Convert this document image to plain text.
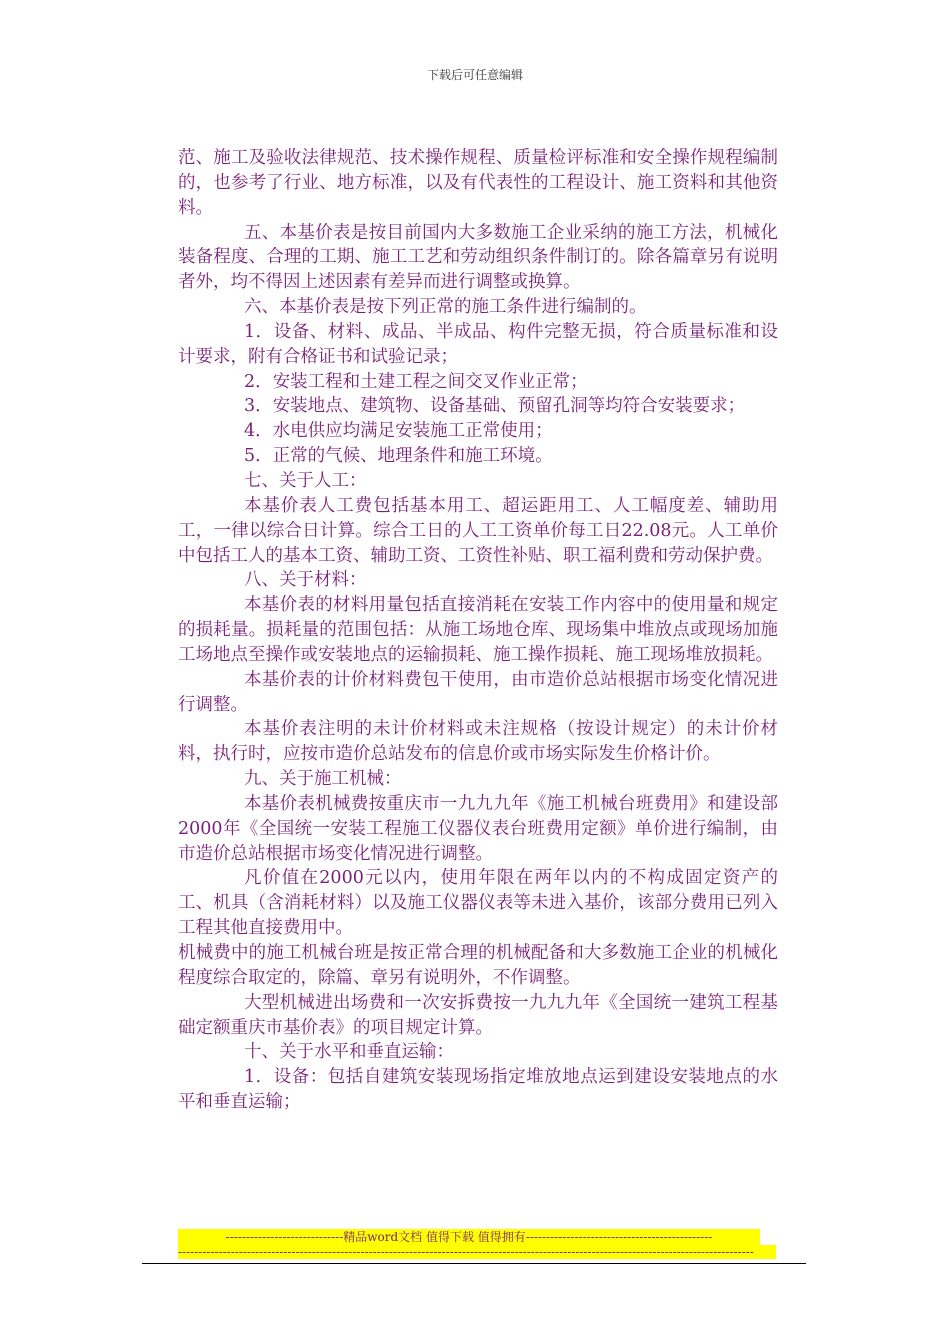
下载后可任意编辑

范、施工及验收法律规范、技术操作规程、质量检评标准和安全操作规程编制的，也参考了行业、地方标准，以及有代表性的工程设计、施工资料和其他资料。

五、本基价表是按目前国内大多数施工企业采纳的施工方法，机械化装备程度、合理的工期、施工工艺和劳动组织条件制订的。除各篇章另有说明者外，均不得因上述因素有差异而进行调整或换算。

六、本基价表是按下列正常的施工条件进行编制的。

1．设备、材料、成品、半成品、构件完整无损，符合质量标准和设计要求，附有合格证书和试验记录；

2．安装工程和土建工程之间交叉作业正常；

3．安装地点、建筑物、设备基础、预留孔洞等均符合安装要求；

4．水电供应均满足安装施工正常使用；

5．正常的气候、地理条件和施工环境。

七、关于人工：

本基价表人工费包括基本用工、超运距用工、人工幅度差、辅助用工，一律以综合日计算。综合工日的人工工资单价每工日22.08元。人工单价中包括工人的基本工资、辅助工资、工资性补贴、职工福利费和劳动保护费。

八、关于材料：

本基价表的材料用量包括直接消耗在安装工作内容中的使用量和规定的损耗量。损耗量的范围包括：从施工场地仓库、现场集中堆放点或现场加施工场地点至操作或安装地点的运输损耗、施工操作损耗、施工现场堆放损耗。

本基价表的计价材料费包干使用，由市造价总站根据市场变化情况进行调整。

本基价表注明的未计价材料或未注规格（按设计规定）的未计价材料，执行时，应按市造价总站发布的信息价或市场实际发生价格计价。

九、关于施工机械：

本基价表机械费按重庆市一九九九年《施工机械台班费用》和建设部2000年《全国统一安装工程施工仪器仪表台班费用定额》单价进行编制，由市造价总站根据市场变化情况进行调整。

凡价值在2000元以内，使用年限在两年以内的不构成固定资产的工、机具（含消耗材料）以及施工仪器仪表等未进入基价，该部分费用已列入工程其他直接费用中。

机械费中的施工机械台班是按正常合理的机械配备和大多数施工企业的机械化程度综合取定的，除篇、章另有说明外，不作调整。

大型机械进出场费和一次安拆费按一九九九年《全国统一建筑工程基础定额重庆市基价表》的项目规定计算。

十、关于水平和垂直运输：

1．设备：包括自建筑安装现场指定堆放地点运到建设安装地点的水平和垂直运输；

-----------------------------精品word文档 值得下载 值得拥有----------------------------------------------
----------------------------------------------------------------------------------------------------------------------------------------------
